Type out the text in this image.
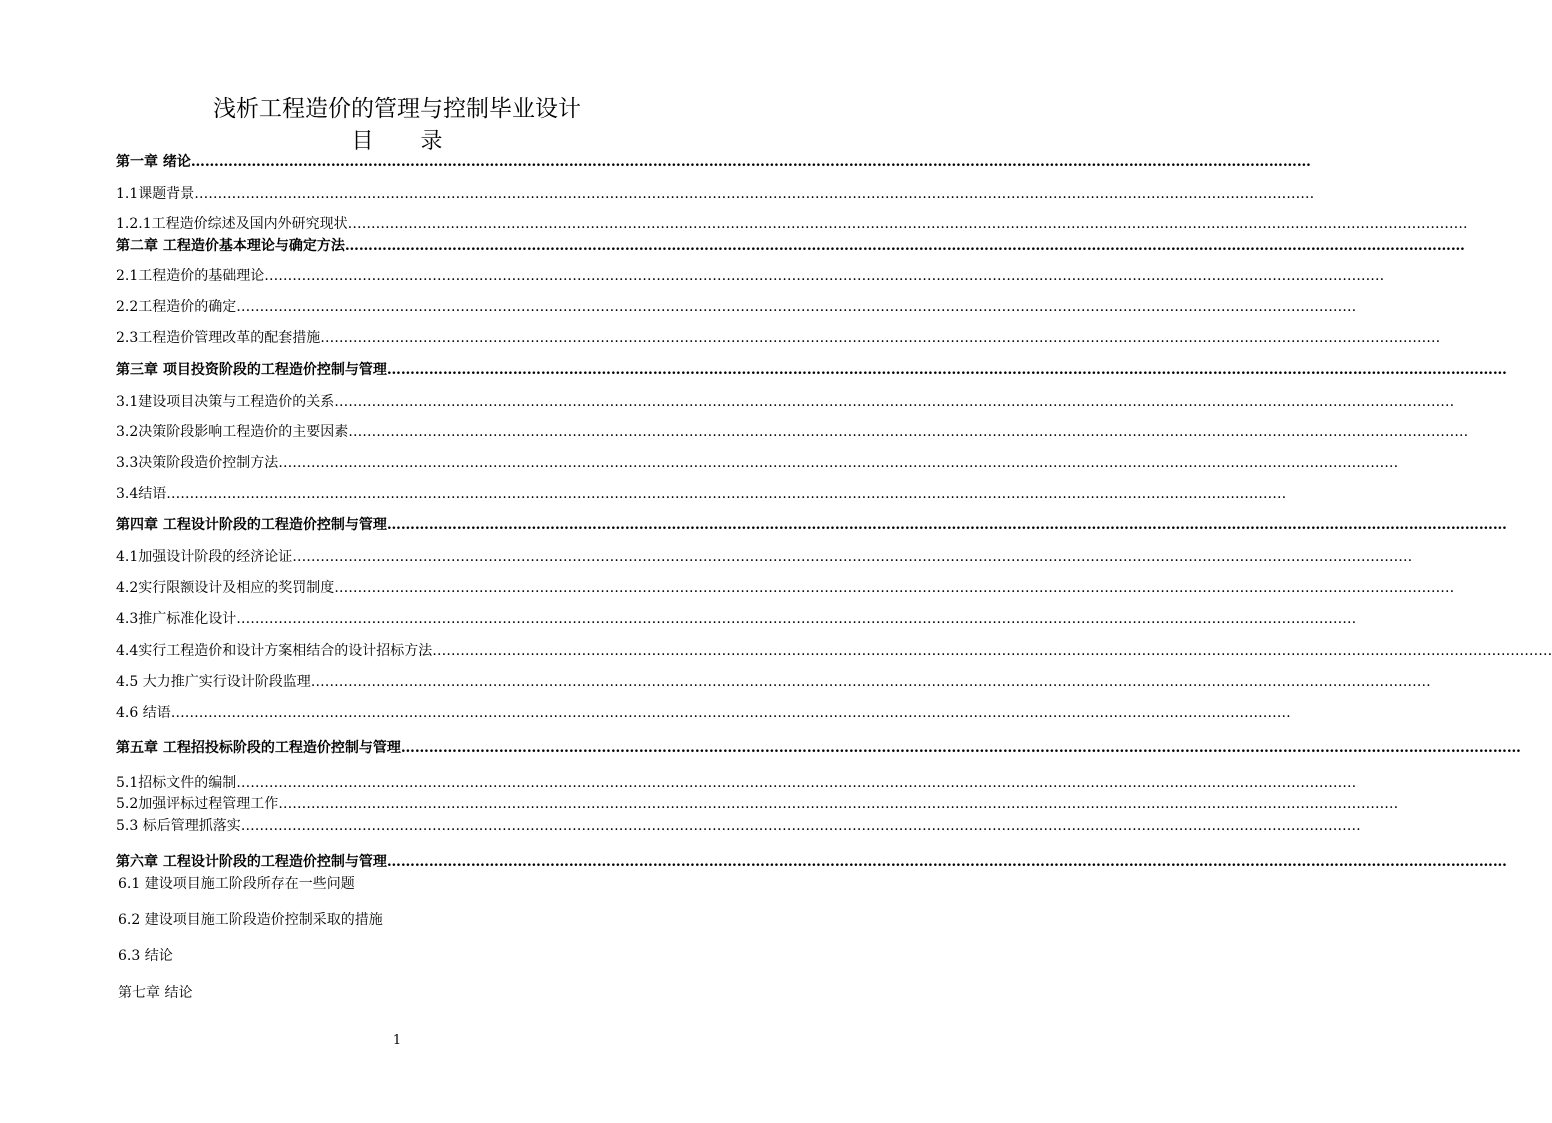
浅析工程造价的管理与控制毕业设计
目 录
第一章 绪论 ……………………………………………………………………………………………………………………………………………………………………………………………………………………
1.1课题背景 ……………………………………………………………………………………………………………………………………………………………………………………………………………………
1.2.1工程造价综述及国内外研究现状 ……………………………………………………………………………………………………………………………………………………………………………………………………………………
第二章 工程造价基本理论与确定方法 ……………………………………………………………………………………………………………………………………………………………………………………………………………………
2.1工程造价的基础理论 ……………………………………………………………………………………………………………………………………………………………………………………………………………………
2.2工程造价的确定 ……………………………………………………………………………………………………………………………………………………………………………………………………………………
2.3工程造价管理改革的配套措施 ……………………………………………………………………………………………………………………………………………………………………………………………………………………
第三章 项目投资阶段的工程造价控制与管理 ……………………………………………………………………………………………………………………………………………………………………………………………………………………
3.1建设项目决策与工程造价的关系 ……………………………………………………………………………………………………………………………………………………………………………………………………………………
3.2决策阶段影响工程造价的主要因素 ……………………………………………………………………………………………………………………………………………………………………………………………………………………
3.3决策阶段造价控制方法 ……………………………………………………………………………………………………………………………………………………………………………………………………………………
3.4结语 ……………………………………………………………………………………………………………………………………………………………………………………………………………………
第四章 工程设计阶段的工程造价控制与管理 ……………………………………………………………………………………………………………………………………………………………………………………………………………………
4.1加强设计阶段的经济论证 ……………………………………………………………………………………………………………………………………………………………………………………………………………………
4.2实行限额设计及相应的奖罚制度 ……………………………………………………………………………………………………………………………………………………………………………………………………………………
4.3推广标准化设计 ……………………………………………………………………………………………………………………………………………………………………………………………………………………
4.4实行工程造价和设计方案相结合的设计招标方法 ……………………………………………………………………………………………………………………………………………………………………………………………………………………
4.5 大力推广实行设计阶段监理 ……………………………………………………………………………………………………………………………………………………………………………………………………………………
4.6 结语 ……………………………………………………………………………………………………………………………………………………………………………………………………………………
第五章 工程招投标阶段的工程造价控制与管理 ……………………………………………………………………………………………………………………………………………………………………………………………………………………
5.1招标文件的编制 ……………………………………………………………………………………………………………………………………………………………………………………………………………………
5.2加强评标过程管理工作 ……………………………………………………………………………………………………………………………………………………………………………………………………………………
5.3 标后管理抓落实 ……………………………………………………………………………………………………………………………………………………………………………………………………………………
第六章 工程设计阶段的工程造价控制与管理 ……………………………………………………………………………………………………………………………………………………………………………………………………………………
6.1 建设项目施工阶段所存在一些问题
6.2 建设项目施工阶段造价控制采取的措施
6.3 结论
第七章 结论
1
